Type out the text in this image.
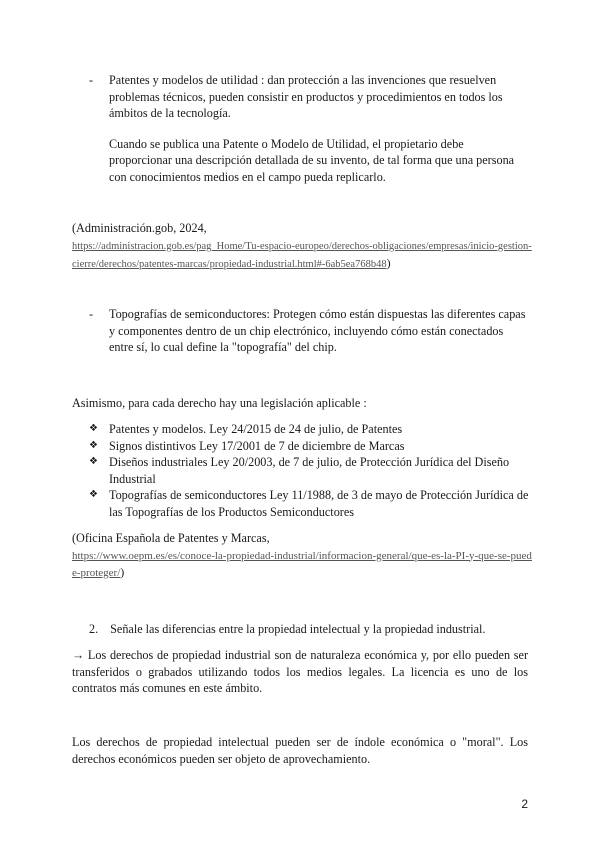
- Patentes y modelos de utilidad : dan protección a las invenciones que resuelven problemas técnicos, pueden consistir en productos y procedimientos en todos los ámbitos de la tecnología.

Cuando se publica una Patente o Modelo de Utilidad, el propietario debe proporcionar una descripción detallada de su invento, de tal forma que una persona con conocimientos medios en el campo pueda replicarlo.

(Administración.gob, 2024,

https://administracion.gob.es/pag_Home/Tu-espacio-europeo/derechos-obligaciones/empresas/inicio-gestion-cierre/derechos/patentes-marcas/propiedad-industrial.html#-6ab5ea768b48)

- Topografías de semiconductores: Protegen cómo están dispuestas las diferentes capas y componentes dentro de un chip electrónico, incluyendo cómo están conectados entre sí, lo cual define la "topografía" del chip.

Asimismo, para cada derecho hay una legislación aplicable :

❖ Patentes y modelos. Ley 24/2015 de 24 de julio, de Patentes
❖ Signos distintivos Ley 17/2001 de 7 de diciembre de Marcas
❖ Diseños industriales Ley 20/2003, de 7 de julio, de Protección Jurídica del Diseño Industrial
❖ Topografías de semiconductores Ley 11/1988, de 3 de mayo de Protección Jurídica de las Topografías de los Productos Semiconductores

(Oficina Española de Patentes y Marcas,

https://www.oepm.es/es/conoce-la-propiedad-industrial/informacion-general/que-es-la-PI-y-que-se-puede-proteger/)

2. Señale las diferencias entre la propiedad intelectual y la propiedad industrial.

→ Los derechos de propiedad industrial son de naturaleza económica y, por ello pueden ser transferidos o grabados utilizando todos los medios legales. La licencia es uno de los contratos más comunes en este ámbito.

Los derechos de propiedad intelectual pueden ser de índole económica o "moral". Los derechos económicos pueden ser objeto de aprovechamiento.

2
